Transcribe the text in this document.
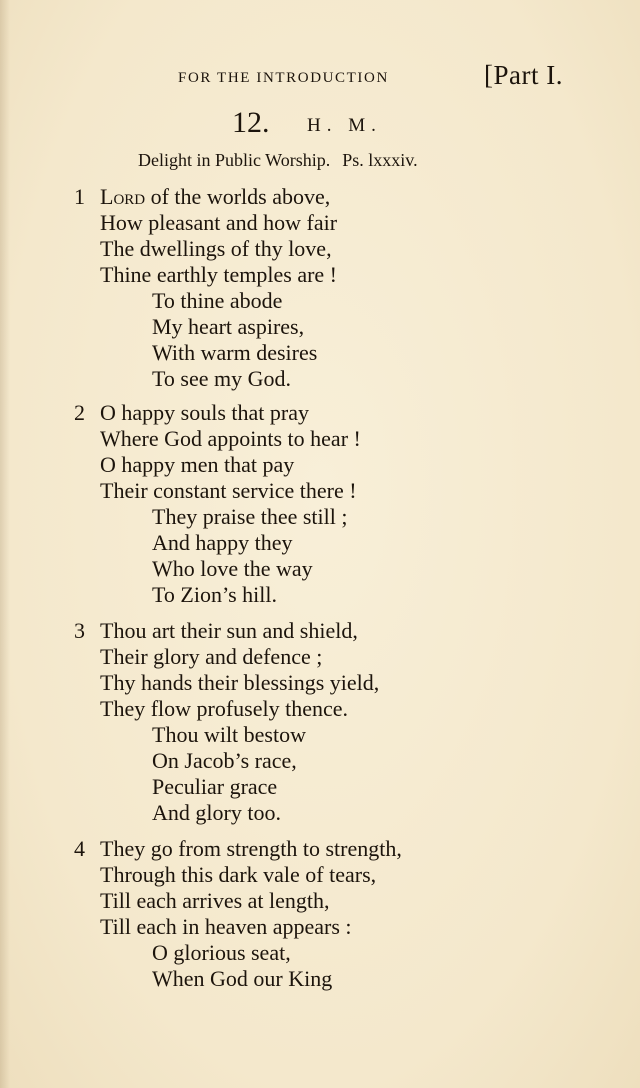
FOR THE INTRODUCTION	[Part I.
12. H. M.
Delight in Public Worship. Ps. lxxxiv.
1 Lord of the worlds above,
How pleasant and how fair
The dwellings of thy love,
Thine earthly temples are !
To thine abode
My heart aspires,
With warm desires
To see my God.
2 O happy souls that pray
Where God appoints to hear !
O happy men that pay
Their constant service there !
They praise thee still ;
And happy they
Who love the way
To Zion’s hill.
3 Thou art their sun and shield,
Their glory and defence ;
Thy hands their blessings yield,
They flow profusely thence.
Thou wilt bestow
On Jacob’s race,
Peculiar grace
And glory too.
4 They go from strength to strength,
Through this dark vale of tears,
Till each arrives at length,
Till each in heaven appears :
O glorious seat,
When God our King
